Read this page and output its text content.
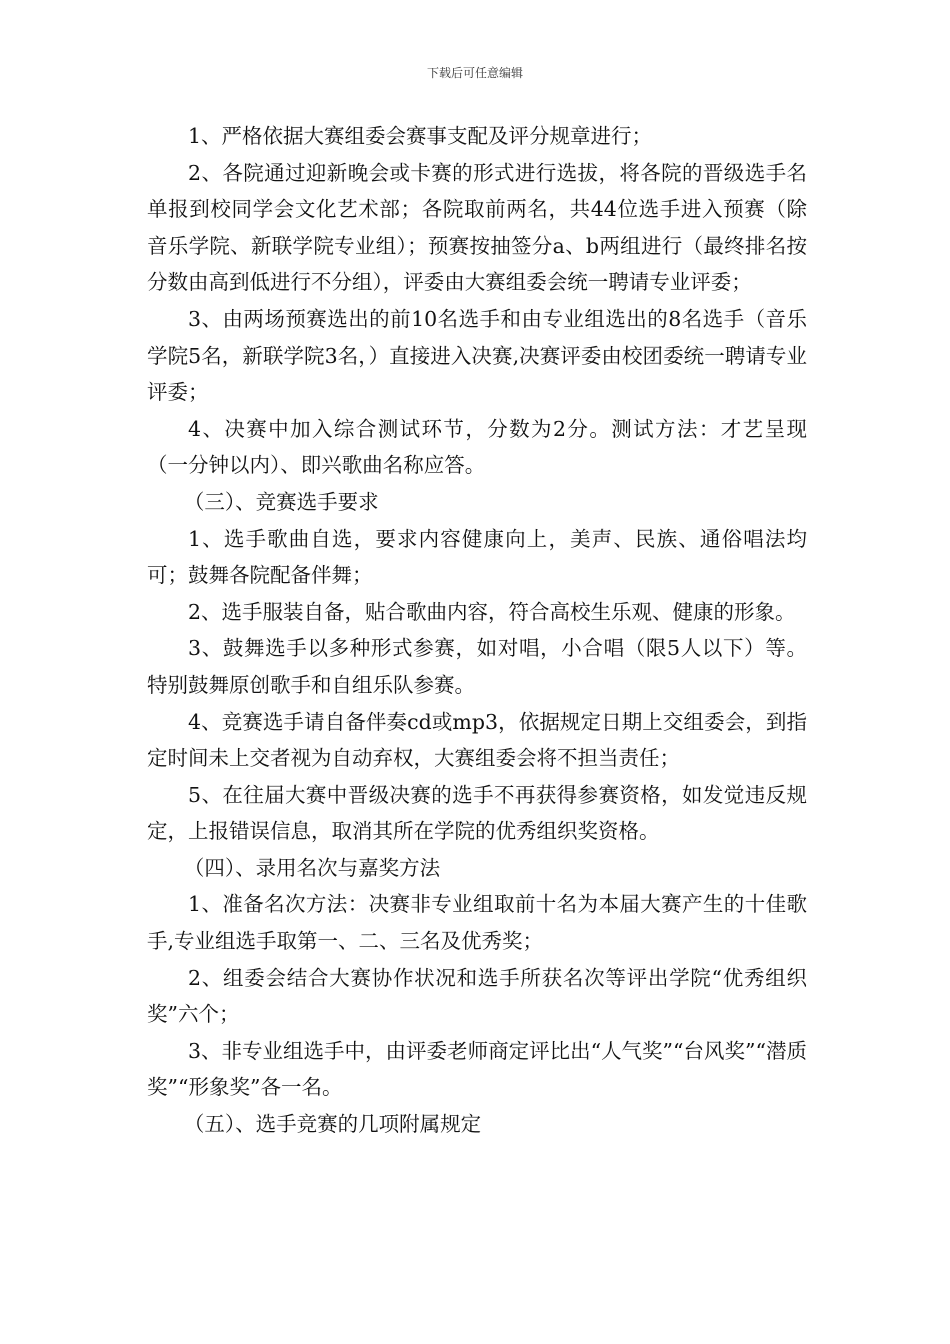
下载后可任意编辑

1、严格依据大赛组委会赛事支配及评分规章进行；

2、各院通过迎新晚会或卡赛的形式进行选拔，将各院的晋级选手名单报到校同学会文化艺术部；各院取前两名，共44位选手进入预赛（除音乐学院、新联学院专业组）；预赛按抽签分a、b两组进行（最终排名按分数由高到低进行不分组），评委由大赛组委会统一聘请专业评委；

3、由两场预赛选出的前10名选手和由专业组选出的8名选手（音乐学院5名，新联学院3名，）直接进入决赛,决赛评委由校团委统一聘请专业评委；

4、决赛中加入综合测试环节，分数为2分。测试方法：才艺呈现（一分钟以内）、即兴歌曲名称应答。

（三）、竞赛选手要求

1、选手歌曲自选，要求内容健康向上，美声、民族、通俗唱法均可；鼓舞各院配备伴舞；

2、选手服装自备，贴合歌曲内容，符合高校生乐观、健康的形象。

3、鼓舞选手以多种形式参赛，如对唱，小合唱（限5人以下）等。特别鼓舞原创歌手和自组乐队参赛。

4、竞赛选手请自备伴奏cd或mp3，依据规定日期上交组委会，到指定时间未上交者视为自动弃权，大赛组委会将不担当责任；

5、在往届大赛中晋级决赛的选手不再获得参赛资格，如发觉违反规定，上报错误信息，取消其所在学院的优秀组织奖资格。

（四）、录用名次与嘉奖方法

1、准备名次方法：决赛非专业组取前十名为本届大赛产生的十佳歌手,专业组选手取第一、二、三名及优秀奖；

2、组委会结合大赛协作状况和选手所获名次等评出学院“优秀组织奖”六个；

3、非专业组选手中，由评委老师商定评比出“人气奖”“台风奖”“潜质奖”“形象奖”各一名。

（五）、选手竞赛的几项附属规定
